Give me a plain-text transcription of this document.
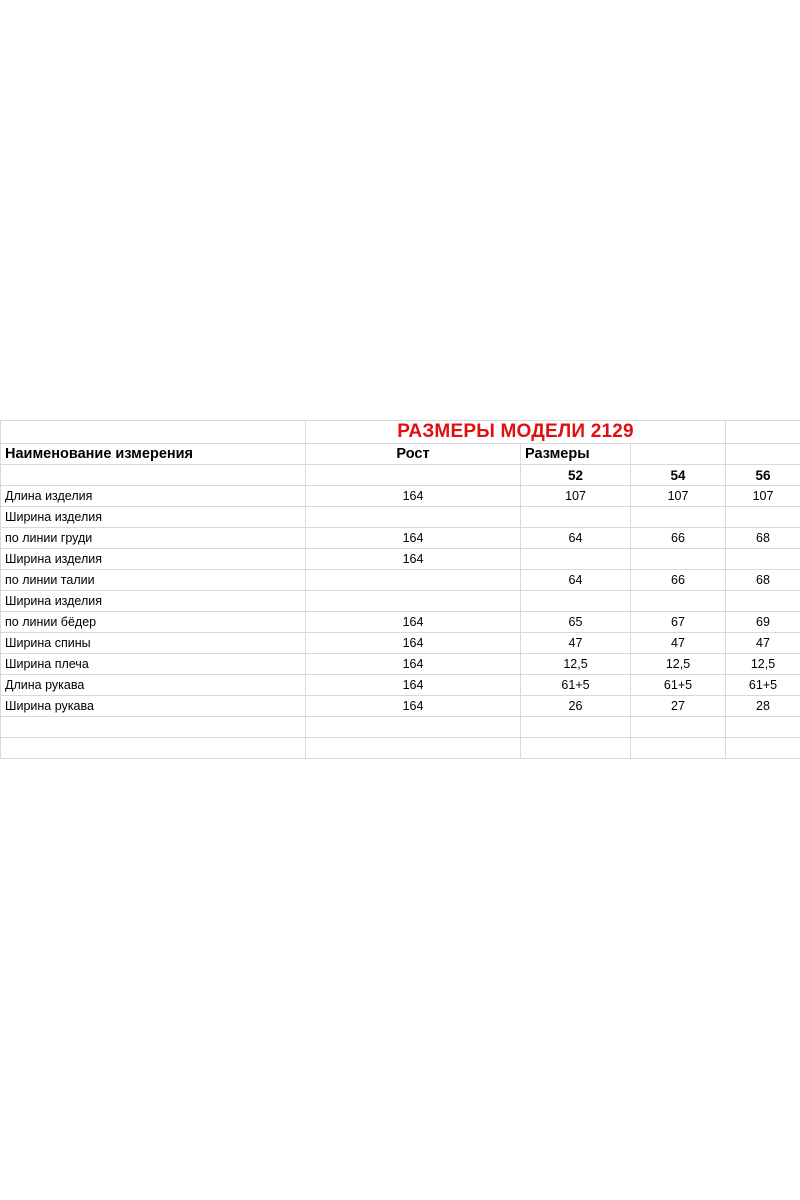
	РАЗМЕРЫ МОДЕЛИ 2129			
Наименование измерения	Рост	Размеры		
		52	54	56
Длина изделия	164	107	107	107
Ширина изделия				
по линии груди	164	64	66	68
Ширина изделия	164			
по линии талии		64	66	68
Ширина изделия				
по линии бёдер	164	65	67	69
Ширина спины	164	47	47	47
Ширина плеча	164	12,5	12,5	12,5
Длина рукава	164	61+5	61+5	61+5
Ширина рукава	164	26	27	28
